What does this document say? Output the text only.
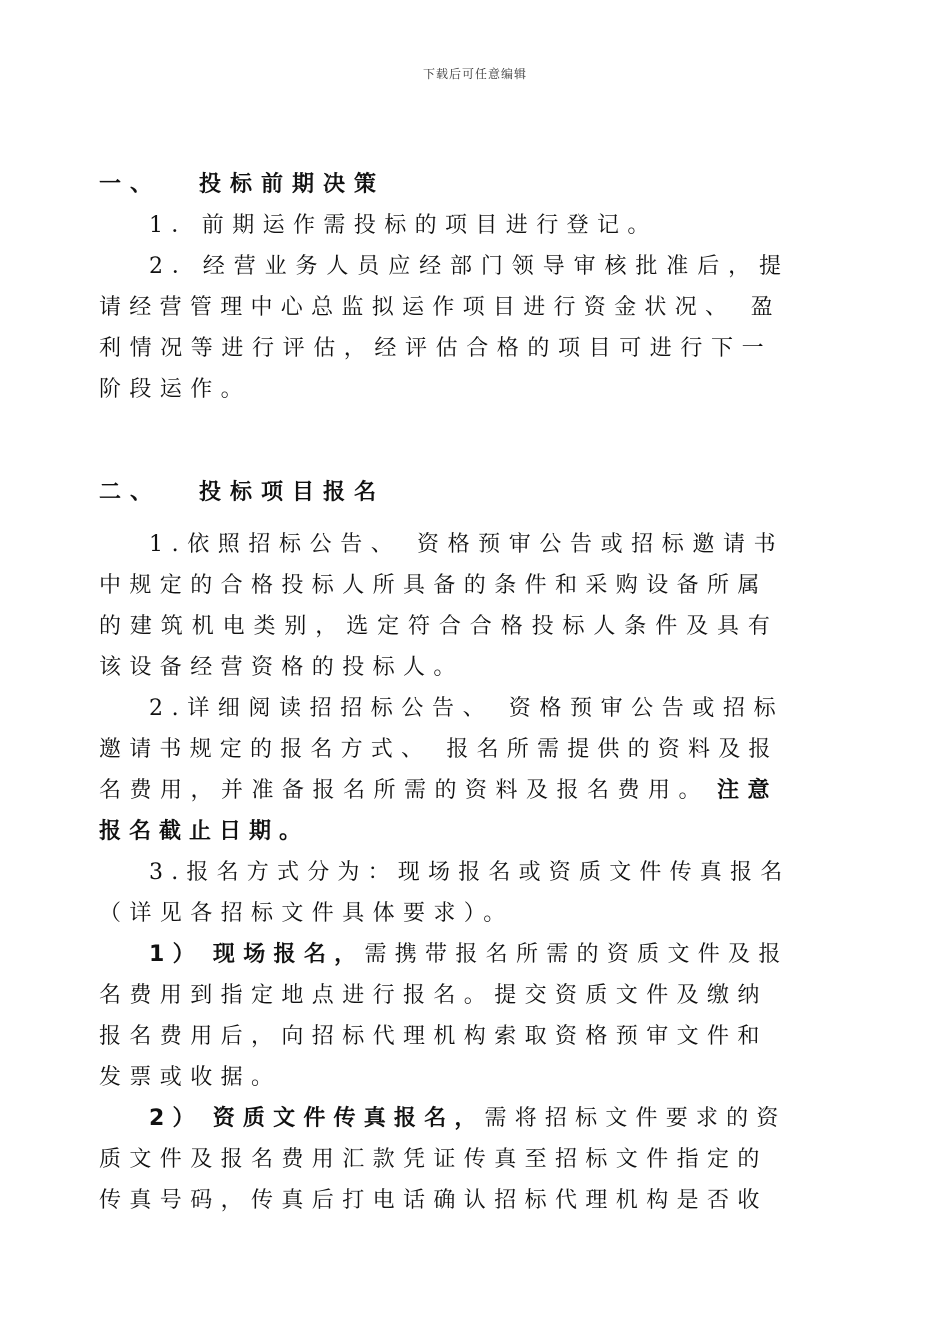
下载后可任意编辑
一、 投标前期决策
1．前期运作需投标的项目进行登记。
2．经营业务人员应经部门领导审核批准后，提
请经营管理中心总监拟运作项目进行资金状况、 盈
利情况等进行评估，经评估合格的项目可进行下一
阶段运作。
二、 投标项目报名
1.依照招标公告、 资格预审公告或招标邀请书
中规定的合格投标人所具备的条件和采购设备所属
的建筑机电类别，选定符合合格投标人条件及具有
该设备经营资格的投标人。
2.详细阅读招招标公告、 资格预审公告或招标
邀请书规定的报名方式、 报名所需提供的资料及报
名费用，并准备报名所需的资料及报名费用。 注意
报名截止日期。
3.报名方式分为：现场报名或资质文件传真报名
（详见各招标文件具体要求）。
1） 现场报名，需携带报名所需的资质文件及报
名费用到指定地点进行报名。提交资质文件及缴纳
报名费用后，向招标代理机构索取资格预审文件和
发票或收据。
2） 资质文件传真报名，需将招标文件要求的资
质文件及报名费用汇款凭证传真至招标文件指定的
传真号码，传真后打电话确认招标代理机构是否收
